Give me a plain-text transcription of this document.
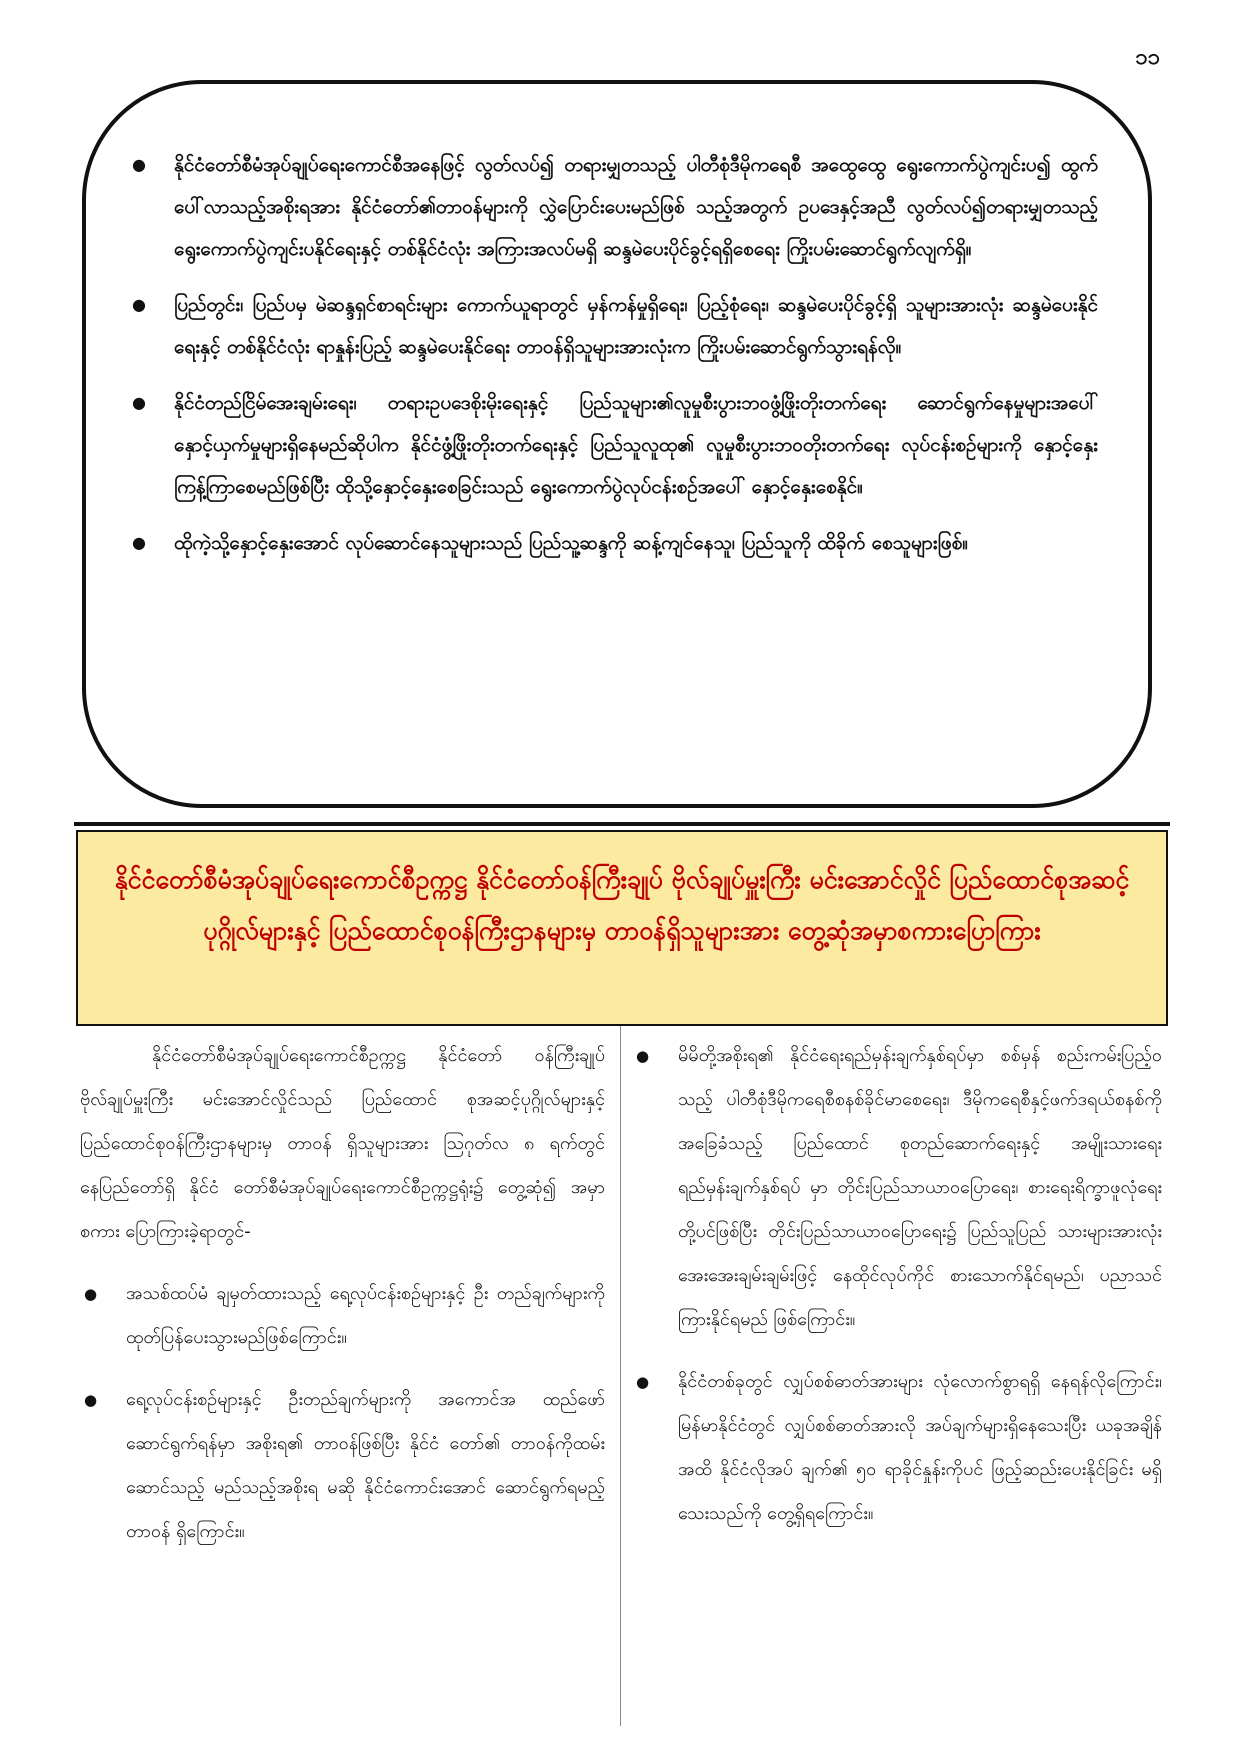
၁၁
● နိုင်ငံတော်စီမံအုပ်ချုပ်ရေးကောင်စီအနေဖြင့် လွတ်လပ်၍ တရားမျှတသည့် ပါတီစုံဒီမိုကရေစီ အထွေထွေ ရွေးကောက်ပွဲကျင်းပ၍ ထွက်ပေါ်လာသည့်အစိုးရအား နိုင်ငံတော်၏တာဝန်များကို လွှဲပြောင်းပေးမည်ဖြစ် သည့်အတွက် ဥပဒေနှင့်အညီ လွတ်လပ်၍တရားမျှတသည့် ရွေးကောက်ပွဲကျင်းပနိုင်ရေးနှင့် တစ်နိုင်ငံလုံး အကြားအလပ်မရှိ ဆန္ဒမဲပေးပိုင်ခွင့်ရရှိစေရေး ကြိုးပမ်းဆောင်ရွက်လျက်ရှိ။
● ပြည်တွင်း၊ ပြည်ပမှ မဲဆန္ဒရှင်စာရင်းများ ကောက်ယူရာတွင် မှန်ကန်မှုရှိရေး၊ ပြည့်စုံရေး၊ ဆန္ဒမဲပေးပိုင်ခွင့်ရှိ သူများအားလုံး ဆန္ဒမဲပေးနိုင်ရေးနှင့် တစ်နိုင်ငံလုံး ရာနှုန်းပြည့် ဆန္ဒမဲပေးနိုင်ရေး တာဝန်ရှိသူများအားလုံးက ကြိုးပမ်းဆောင်ရွက်သွားရန်လို။
● နိုင်ငံတည်ငြိမ်အေးချမ်းရေး၊ တရားဥပဒေစိုးမိုးရေးနှင့် ပြည်သူများ၏လူမှုစီးပွားဘဝဖွံ့ဖြိုးတိုးတက်ရေး ဆောင်ရွက်နေမှုများအပေါ် နှောင့်ယှက်မှုများရှိနေမည်ဆိုပါက နိုင်ငံဖွံ့ဖြိုးတိုးတက်ရေးနှင့် ပြည်သူလူထု၏ လူမှုစီးပွားဘဝတိုးတက်ရေး လုပ်ငန်းစဉ်များကို နှောင့်နှေးကြန့်ကြာစေမည်ဖြစ်ပြီး ထိုသို့နှောင့်နှေးစေခြင်းသည် ရွေးကောက်ပွဲလုပ်ငန်းစဉ်အပေါ် နှောင့်နှေးစေနိုင်။
● ထိုကဲ့သို့နှောင့်နှေးအောင် လုပ်ဆောင်နေသူများသည် ပြည်သူ့ဆန္ဒကို ဆန့်ကျင်နေသူ၊ ပြည်သူကို ထိခိုက် စေသူများဖြစ်။
နိုင်ငံတော်စီမံအုပ်ချုပ်ရေးကောင်စီဥက္ကဋ္ဌ နိုင်ငံတော်ဝန်ကြီးချုပ် ဗိုလ်ချုပ်မှူးကြီး မင်းအောင်လှိုင် ပြည်ထောင်စုအဆင့်ပုဂ္ဂိုလ်များနှင့် ပြည်ထောင်စုဝန်ကြီးဌာနများမှ တာဝန်ရှိသူများအား တွေ့ဆုံအမှာစကားပြောကြား

နိုင်ငံတော်စီမံအုပ်ချုပ်ရေးကောင်စီဥက္ကဋ္ဌ နိုင်ငံတော် ဝန်ကြီးချုပ် ဗိုလ်ချုပ်မှူးကြီး မင်းအောင်လှိုင်သည် ပြည်ထောင် စုအဆင့်ပုဂ္ဂိုလ်များနှင့် ပြည်ထောင်စုဝန်ကြီးဌာနများမှ တာဝန် ရှိသူများအား ဩဂုတ်လ ၈ ရက်တွင် နေပြည်တော်ရှိ နိုင်ငံ တော်စီမံအုပ်ချုပ်ရေးကောင်စီဥက္ကဋ္ဌရုံး၌ တွေ့ဆုံ၍ အမှာစကား ပြောကြားခဲ့ရာတွင်-

● အသစ်ထပ်မံ ချမှတ်ထားသည့် ရေ့လုပ်ငန်းစဉ်များနှင့် ဦး တည်ချက်များကို ထုတ်ပြန်ပေးသွားမည်ဖြစ်ကြောင်း။
● ရေ့လုပ်ငန်းစဉ်များနှင့် ဦးတည်ချက်များကို အကောင်အ ထည်ဖော်ဆောင်ရွက်ရန်မှာ အစိုးရ၏ တာဝန်ဖြစ်ပြီး နိုင်ငံ တော်၏ တာဝန်ကိုထမ်းဆောင်သည့် မည်သည့်အစိုးရ မဆို နိုင်ငံကောင်းအောင် ဆောင်ရွက်ရမည့်တာဝန် ရှိကြောင်း။
● မိမိတို့အစိုးရ၏ နိုင်ငံရေးရည်မှန်းချက်နှစ်ရပ်မှာ စစ်မှန် စည်းကမ်းပြည့်ဝသည့် ပါတီစုံဒီမိုကရေစီစနစ်ခိုင်မာစေရေး၊ ဒီမိုကရေစီနှင့်ဖက်ဒရယ်စနစ်ကိုအခြေခံသည့် ပြည်ထောင် စုတည်ဆောက်ရေးနှင့် အမျိုးသားရေးရည်မှန်းချက်နှစ်ရပ် မှာ တိုင်းပြည်သာယာဝပြောရေး၊ စားရေးရိက္ခာဖူလုံရေး တို့ပင်ဖြစ်ပြီး တိုင်းပြည်သာယာဝပြောရေး၌ ပြည်သူပြည် သားများအားလုံး အေးအေးချမ်းချမ်းဖြင့် နေထိုင်လုပ်ကိုင် စားသောက်နိုင်ရမည်၊ ပညာသင်ကြားနိုင်ရမည် ဖြစ်ကြောင်း။
● နိုင်ငံတစ်ခုတွင် လျှပ်စစ်ဓာတ်အားများ လုံလောက်စွာရရှိ နေရန်လိုကြောင်း၊ မြန်မာနိုင်ငံတွင် လျှပ်စစ်ဓာတ်အားလို အပ်ချက်များရှိနေသေးပြီး ယခုအချိန်အထိ နိုင်ငံလိုအပ် ချက်၏ ၅၀ ရာခိုင်နှုန်းကိုပင် ဖြည့်ဆည်းပေးနိုင်ခြင်း မရှိ သေးသည်ကို တွေ့ရှိရကြောင်း။
